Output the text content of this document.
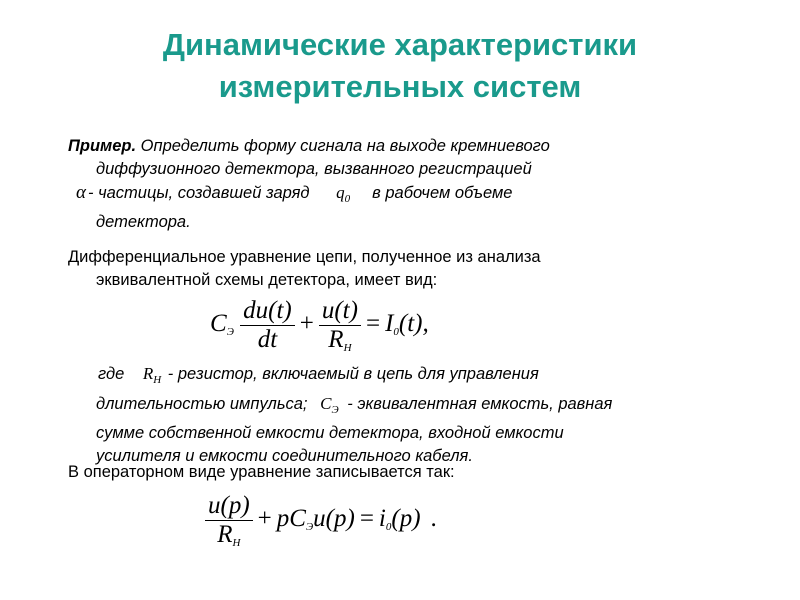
Динамические характеристики
измерительных систем
Пример. Определить форму сигнала на выходе кремниевого
диффузионного детектора, вызванного регистрацией
α - частицы, создавшей заряд $q_0$ в рабочем объеме
детектора.
Дифференциальное уравнение цепи, полученное из анализа
эквивалентной схемы детектора, имеет вид:
$C_Э \frac{du(t)}{dt} + \frac{u(t)}{R_Н} = I_0(t)$,
где $R_Н$ - резистор, включаемый в цепь для управления
длительностью импульса; $C_Э$ - эквивалентная емкость, равная
сумме собственной емкости детектора, входной емкости
усилителя и емкости соединительного кабеля.
В операторном виде уравнение записывается так:
$\frac{u(p)}{R_Н} + pC_Эu(p) = i_0(p)$ .
